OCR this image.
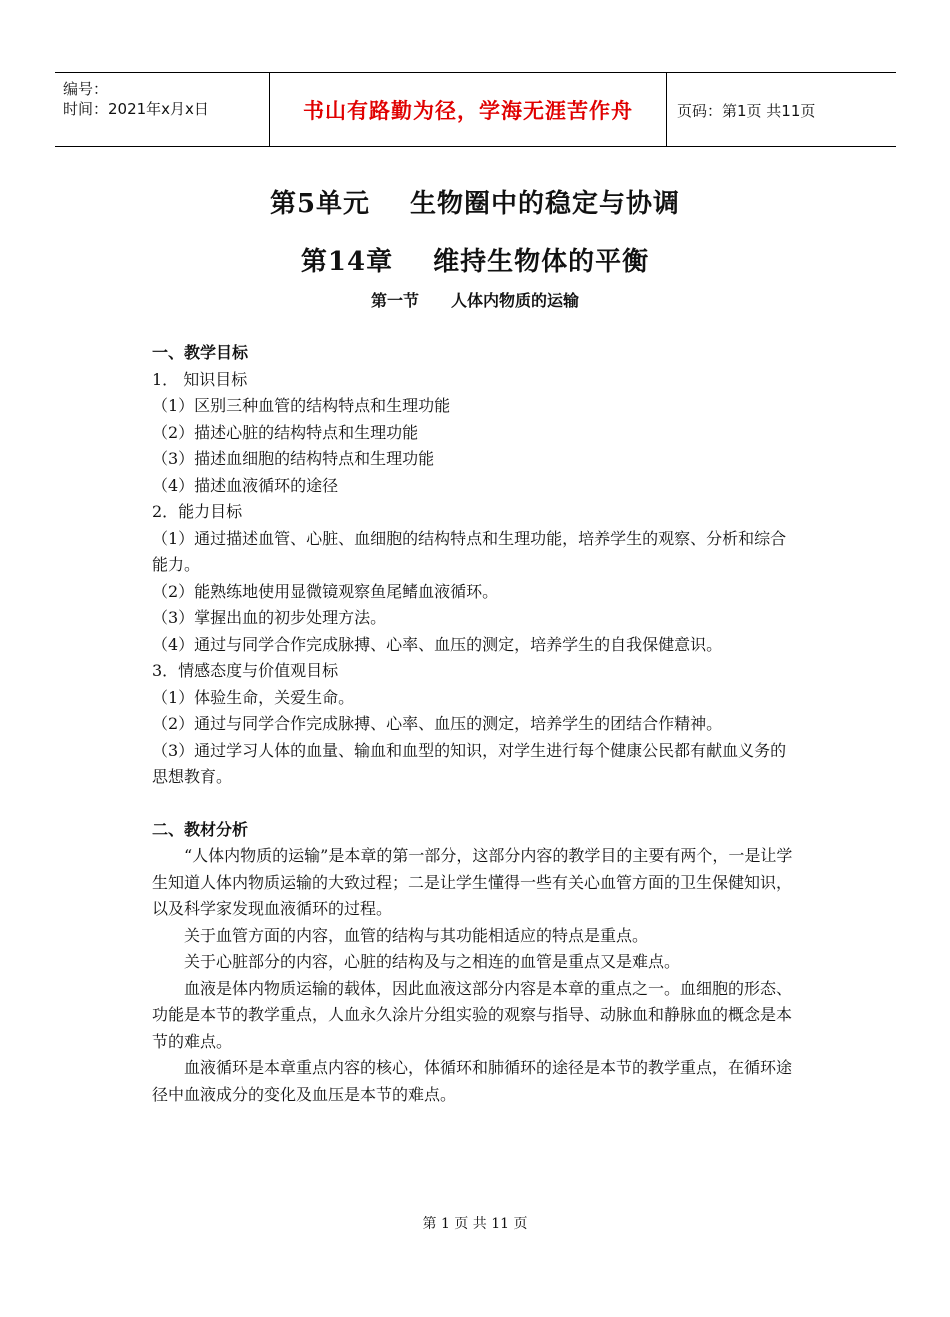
编号：
时间：2021年x月x日	书山有路勤为径，学海无涯苦作舟	页码：第1页 共11页
第5单元 生物圈中的稳定与协调
第14章 维持生物体的平衡
第一节 人体内物质的运输

一、教学目标

1． 知识目标

（1）区别三种血管的结构特点和生理功能

（2）描述心脏的结构特点和生理功能

（3）描述血细胞的结构特点和生理功能

（4）描述血液循环的途径

2．能力目标

（1）通过描述血管、心脏、血细胞的结构特点和生理功能，培养学生的观察、分析和综合能力。

（2）能熟练地使用显微镜观察鱼尾鳍血液循环。

（3）掌握出血的初步处理方法。

（4）通过与同学合作完成脉搏、心率、血压的测定，培养学生的自我保健意识。

3．情感态度与价值观目标

（1）体验生命，关爱生命。

（2）通过与同学合作完成脉搏、心率、血压的测定，培养学生的团结合作精神。

（3）通过学习人体的血量、输血和血型的知识，对学生进行每个健康公民都有献血义务的思想教育。

二、教材分析

“人体内物质的运输”是本章的第一部分，这部分内容的教学目的主要有两个，一是让学生知道人体内物质运输的大致过程；二是让学生懂得一些有关心血管方面的卫生保健知识，以及科学家发现血液循环的过程。

关于血管方面的内容，血管的结构与其功能相适应的特点是重点。

关于心脏部分的内容，心脏的结构及与之相连的血管是重点又是难点。

血液是体内物质运输的载体，因此血液这部分内容是本章的重点之一。血细胞的形态、功能是本节的教学重点，人血永久涂片分组实验的观察与指导、动脉血和静脉血的概念是本节的难点。

血液循环是本章重点内容的核心，体循环和肺循环的途径是本节的教学重点，在循环途径中血液成分的变化及血压是本节的难点。

第 1 页 共 11 页
